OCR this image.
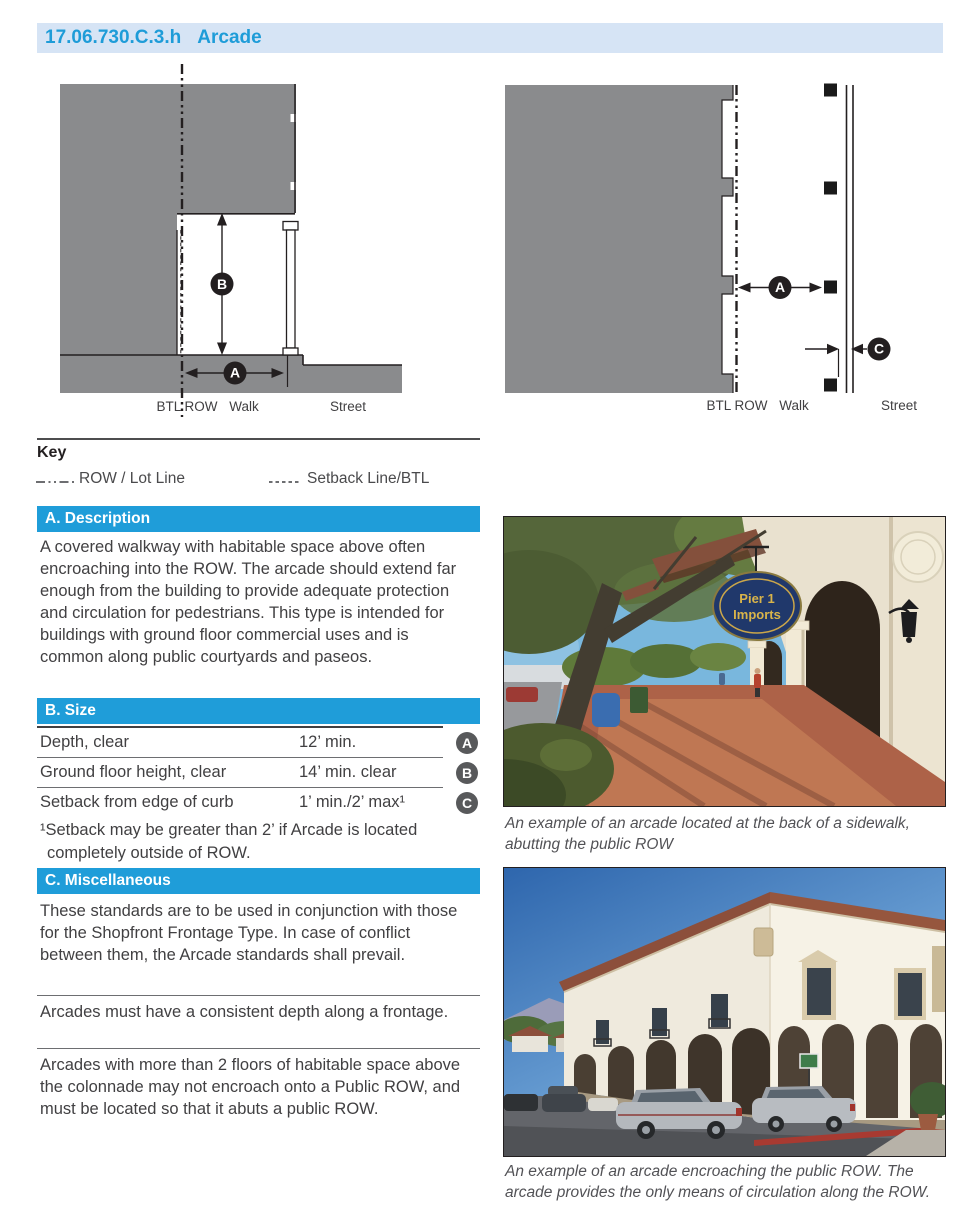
17.06.730.C.3.h Arcade
B
A
BTL ROW Walk	Street
A
C
BTL ROW Walk	Street
Key
ROW / Lot Line	Setback Line/BTL
A. Description
A covered walkway with habitable space above often encroaching into the ROW. The arcade should extend far enough from the building to provide adequate protection and circulation for pedestrians. This type is intended for buildings with ground floor commercial uses and is common along public courtyards and paseos.
B. Size
Depth, clear	12’ min.	A
Ground floor height, clear	14’ min. clear	B
Setback from edge of curb	1’ min./2’ max¹	C
¹Setback may be greater than 2’ if Arcade is located completely outside of ROW.
C. Miscellaneous
These standards are to be used in conjunction with those for the Shopfront Frontage Type. In case of conflict between them, the Arcade standards shall prevail.
Arcades must have a consistent depth along a frontage.
Arcades with more than 2 floors of habitable space above the colonnade may not encroach onto a Public ROW, and must be located so that it abuts a public ROW.
Pier 1
Imports
An example of an arcade located at the back of a sidewalk, abutting the public ROW
An example of an arcade encroaching the public ROW. The arcade provides the only means of circulation along the ROW.
